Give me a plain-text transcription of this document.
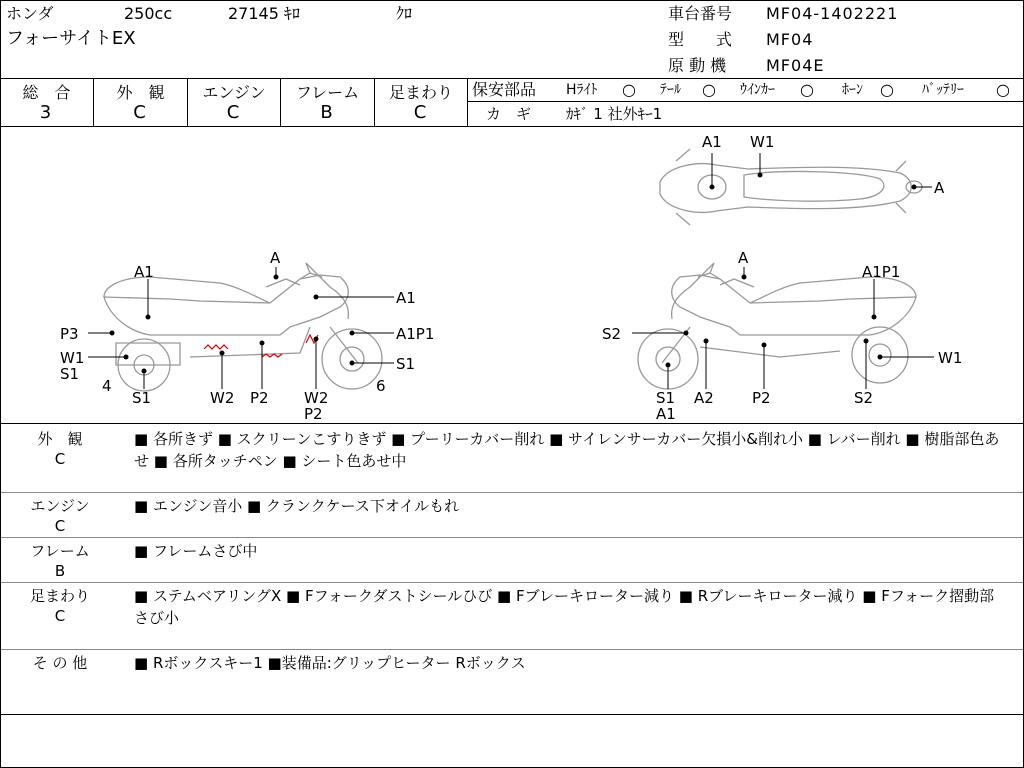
ホンダ	250cc	27145 ｷﾛ	ｸﾛ
フォーサイトEX
車台番号 MF04-1402221
型　　式 MF04
原 動 機 MF04E
総　合
3
外　観
C
エンジン
C
フレーム
B
足まわり
C
保安部品 Hﾗｲﾄ ○ ﾃｰﾙ ○ ｳｲﾝｶｰ ○ ﾎｰﾝ ○ ﾊﾞｯﾃﾘｰ ○
カ　ギ ｶｷﾞ 1 社外ｷｰ1
A1 W1
A
A
A1
A1
P3	A1P1
W1
S1
S1
4	6
S1	W2 P2 W2
P2
A
A1P1
S2
W1
S1
A1
A2	P2	S2
外　観
C
■ 各所きず ■ スクリーンこすりきず ■ プーリーカバー削れ ■ サイレンサーカバー欠損小&削れ小 ■ レバー削れ ■ 樹脂部色あせ ■ 各所タッチペン ■ シート色あせ中
エンジン
C
■ エンジン音小 ■ クランクケース下オイルもれ
フレーム
B
■ フレームさび中
足まわり
C
■ ステムベアリングX ■ Fフォークダストシールひび ■ Fブレーキローター減り ■ Rブレーキローター減り ■ Fフォーク摺動部さび小
そ の 他	■ Rボックスキー1 ■装備品:グリップヒーター Rボックス
